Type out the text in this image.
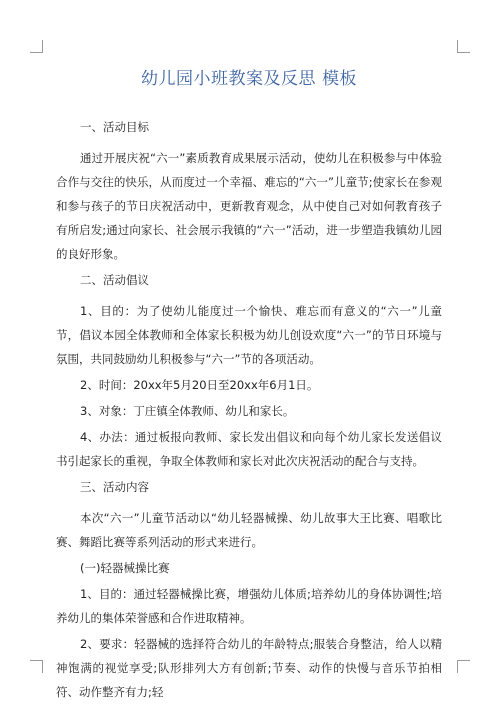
幼儿园小班教案及反思 模板
一、活动目标

通过开展庆祝“六一”素质教育成果展示活动，使幼儿在积极参与中体验合作与交往的快乐，从而度过一个幸福、难忘的“六一”儿童节;使家长在参观和参与孩子的节日庆祝活动中，更新教育观念，从中使自己对如何教育孩子有所启发;通过向家长、社会展示我镇的“六一”活动，进一步塑造我镇幼儿园的良好形象。

二、活动倡议

1、目的：为了使幼儿能度过一个愉快、难忘而有意义的“六一”儿童节，倡议本园全体教师和全体家长积极为幼儿创设欢度“六一”的节日环境与氛围，共同鼓励幼儿积极参与“六一”节的各项活动。

2、时间：20xx年5月20日至20xx年6月1日。

3、对象：丁庄镇全体教师、幼儿和家长。

4、办法：通过板报向教师、家长发出倡议和向每个幼儿家长发送倡议书引起家长的重视，争取全体教师和家长对此次庆祝活动的配合与支持。

三、活动内容

本次“六一”儿童节活动以“幼儿轻器械操、幼儿故事大王比赛、唱歌比赛、舞蹈比赛等系列活动的形式来进行。

(一)轻器械操比赛

1、目的：通过轻器械操比赛，增强幼儿体质;培养幼儿的身体协调性;培养幼儿的集体荣誉感和合作进取精神。

2、要求：轻器械的选择符合幼儿的年龄特点;服装合身整洁，给人以精神饱满的视觉享受;队形排列大方有创新;节奏、动作的快慢与音乐节拍相符、动作整齐有力;轻
